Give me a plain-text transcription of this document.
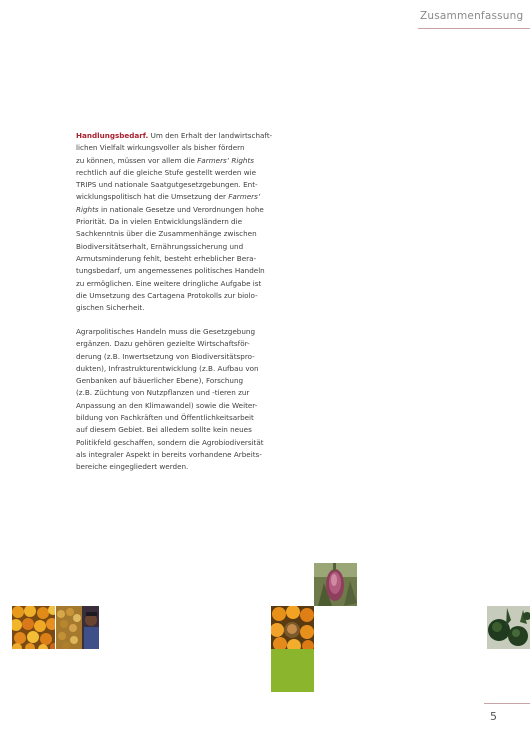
Zusammenfassung
Handlungsbedarf. Um den Erhalt der landwirtschaft-
lichen Vielfalt wirkungsvoller als bisher fördern
zu können, müssen vor allem die Farmers’ Rights
rechtlich auf die gleiche Stufe gestellt werden wie
TRIPS und nationale Saatgutgesetzgebungen. Ent-
wicklungspolitisch hat die Umsetzung der Farmers’
Rights in nationale Gesetze und Verordnungen hohe
Priorität. Da in vielen Entwicklungsländern die
Sachkenntnis über die Zusammenhänge zwischen
Biodiversitätserhalt, Ernährungssicherung und
Armutsminderung fehlt, besteht erheblicher Bera-
tungsbedarf, um angemessenes politisches Handeln
zu ermöglichen. Eine weitere dringliche Aufgabe ist
die Umsetzung des Cartagena Protokolls zur biolo-
gischen Sicherheit.
Agrarpolitisches Handeln muss die Gesetzgebung
ergänzen. Dazu gehören gezielte Wirtschaftsför-
derung (z.B. Inwertsetzung von Biodiversitätspro-
dukten), Infrastrukturentwicklung (z.B. Aufbau von
Genbanken auf bäuerlicher Ebene), Forschung
(z.B. Züchtung von Nutzpflanzen und -tieren zur
Anpassung an den Klimawandel) sowie die Weiter-
bildung von Fachkräften und Öffentlichkeitsarbeit
auf diesem Gebiet. Bei alledem sollte kein neues
Politikfeld geschaffen, sondern die Agrobiodiversität
als integraler Aspekt in bereits vorhandene Arbeits-
bereiche eingegliedert werden.
5
